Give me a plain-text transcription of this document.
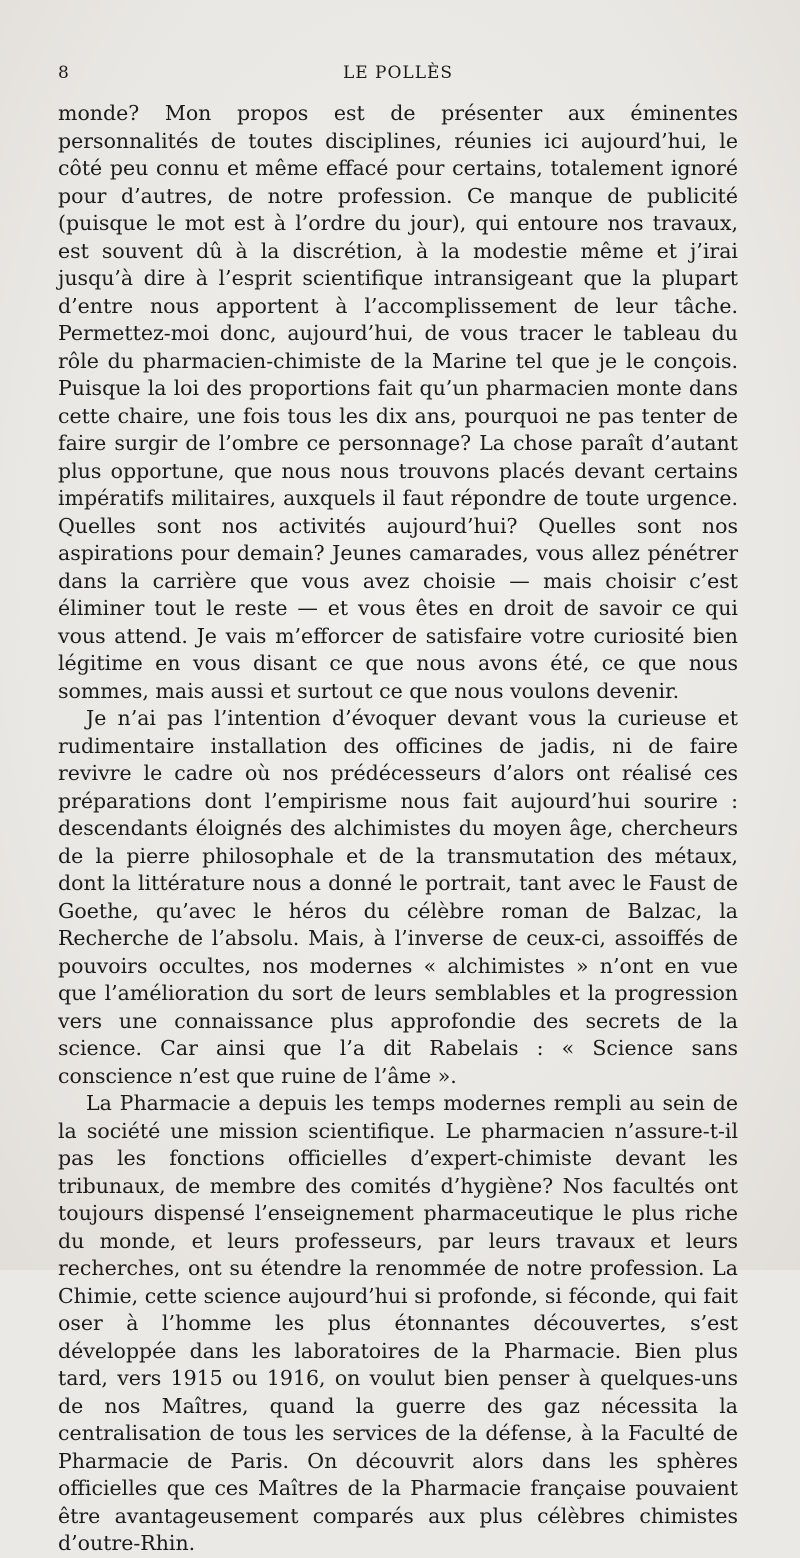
8	LE POLLÈS

monde? Mon propos est de présenter aux éminentes personnalités de toutes disciplines, réunies ici aujourd’hui, le côté peu connu et même effacé pour certains, totalement ignoré pour d’autres, de notre profession. Ce manque de publicité (puisque le mot est à l’ordre du jour), qui entoure nos travaux, est souvent dû à la discrétion, à la modestie même et j’irai jusqu’à dire à l’esprit scientifique intransigeant que la plupart d’entre nous apportent à l’accomplissement de leur tâche. Permettez-moi donc, aujourd’hui, de vous tracer le tableau du rôle du pharmacien-chimiste de la Marine tel que je le conçois. Puisque la loi des proportions fait qu’un pharmacien monte dans cette chaire, une fois tous les dix ans, pourquoi ne pas tenter de faire surgir de l’ombre ce personnage? La chose paraît d’autant plus opportune, que nous nous trouvons placés devant certains impératifs militaires, auxquels il faut répondre de toute urgence. Quelles sont nos activités aujourd’hui? Quelles sont nos aspirations pour demain? Jeunes camarades, vous allez pénétrer dans la carrière que vous avez choisie — mais choisir c’est éliminer tout le reste — et vous êtes en droit de savoir ce qui vous attend. Je vais m’efforcer de satisfaire votre curiosité bien légitime en vous disant ce que nous avons été, ce que nous sommes, mais aussi et surtout ce que nous voulons devenir.

Je n’ai pas l’intention d’évoquer devant vous la curieuse et rudimentaire installation des officines de jadis, ni de faire revivre le cadre où nos prédécesseurs d’alors ont réalisé ces préparations dont l’empirisme nous fait aujourd’hui sourire : descendants éloignés des alchimistes du moyen âge, chercheurs de la pierre philosophale et de la transmutation des métaux, dont la littérature nous a donné le portrait, tant avec le Faust de Goethe, qu’avec le héros du célèbre roman de Balzac, la Recherche de l’absolu. Mais, à l’inverse de ceux-ci, assoiffés de pouvoirs occultes, nos modernes « alchimistes » n’ont en vue que l’amélioration du sort de leurs semblables et la progression vers une connaissance plus approfondie des secrets de la science. Car ainsi que l’a dit Rabelais : « Science sans conscience n’est que ruine de l’âme ».

La Pharmacie a depuis les temps modernes rempli au sein de la société une mission scientifique. Le pharmacien n’assure-t-il pas les fonctions officielles d’expert-chimiste devant les tribunaux, de membre des comités d’hygiène? Nos facultés ont toujours dispensé l’enseignement pharmaceutique le plus riche du monde, et leurs professeurs, par leurs travaux et leurs recherches, ont su étendre la renommée de notre profession. La Chimie, cette science aujourd’hui si profonde, si féconde, qui fait oser à l’homme les plus étonnantes découvertes, s’est développée dans les laboratoires de la Pharmacie. Bien plus tard, vers 1915 ou 1916, on voulut bien penser à quelques-uns de nos Maîtres, quand la guerre des gaz nécessita la centralisation de tous les services de la défense, à la Faculté de Pharmacie de Paris. On découvrit alors dans les sphères officielles que ces Maîtres de la Pharmacie française pouvaient être avantageusement comparés aux plus célèbres chimistes d’outre-Rhin.
